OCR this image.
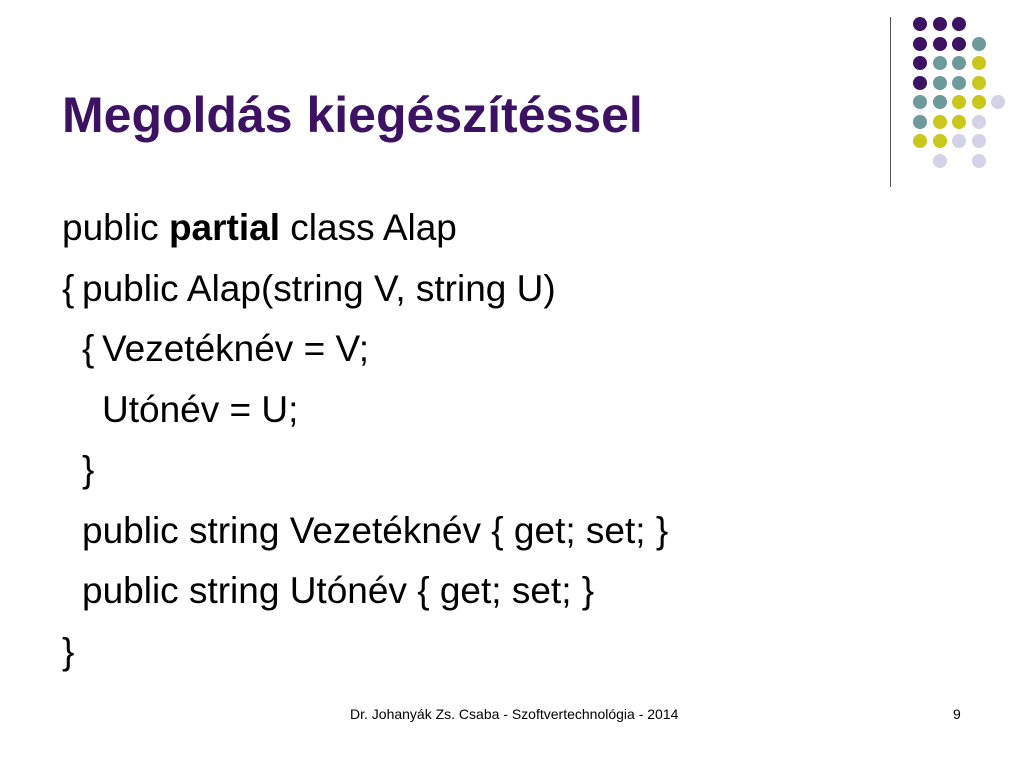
Megoldás kiegészítéssel
public partial class Alap
{ public Alap(string V, string U)
{ Vezetéknév = V;
Utónév = U;
}
public string Vezetéknév { get; set; }
public string Utónév { get; set; }
}
Dr. Johanyák Zs. Csaba - Szoftvertechnológia - 2014	9
